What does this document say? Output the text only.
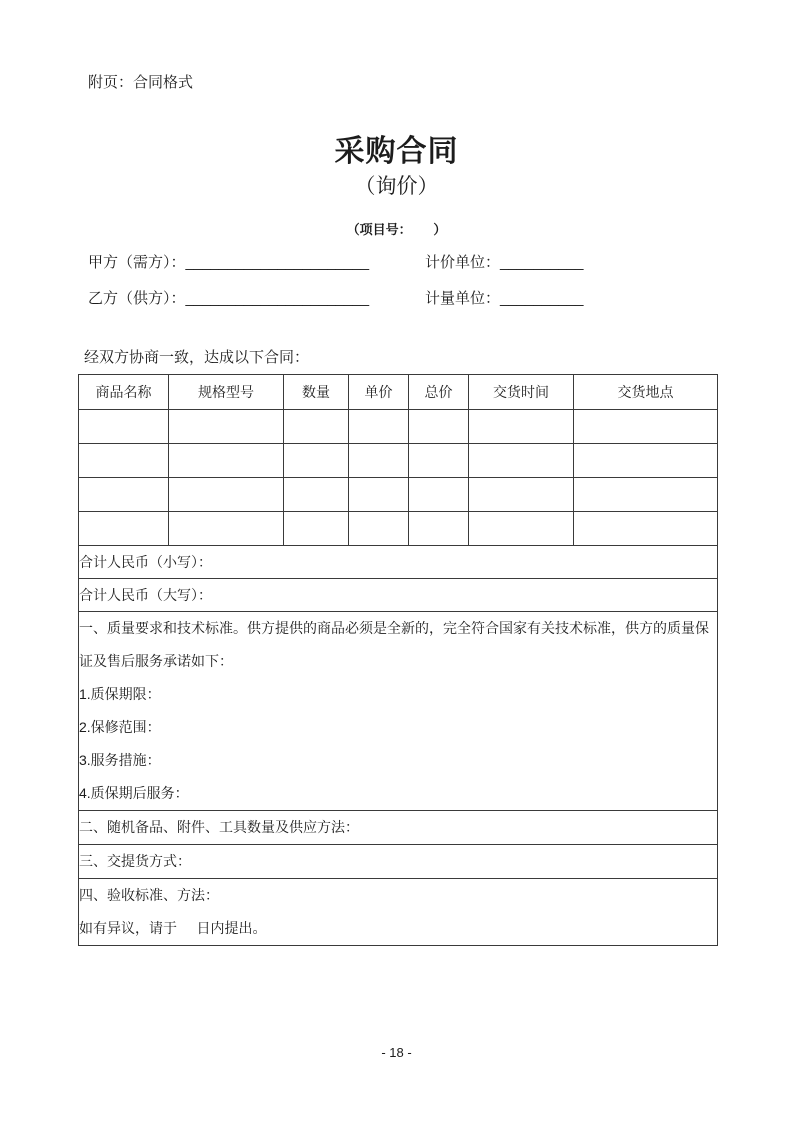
附页：合同格式
采购合同
（询价）
（项目号：      ）
甲方（需方）：______________________	计价单位： __________
乙方（供方）：______________________	计量单位： __________
经双方协商一致，达成以下合同：
商品名称	规格型号	数量	单价	总价	交货时间	交货地点

合计人民币（小写）：						
合计人民币（大写）：						

一、质量要求和技术标准。供方提供的商品必须是全新的，完全符合国家有关技术标准，供方的质量保证及售后服务承诺如下：
1.质保期限：
2.保修范围：
3.服务措施：
4.质保期后服务：						

二、随机备品、附件、工具数量及供应方法：						
三、交提货方式：						

四、验收标准、方法：
如有异议，请于     日内提出。						
- 18 -
